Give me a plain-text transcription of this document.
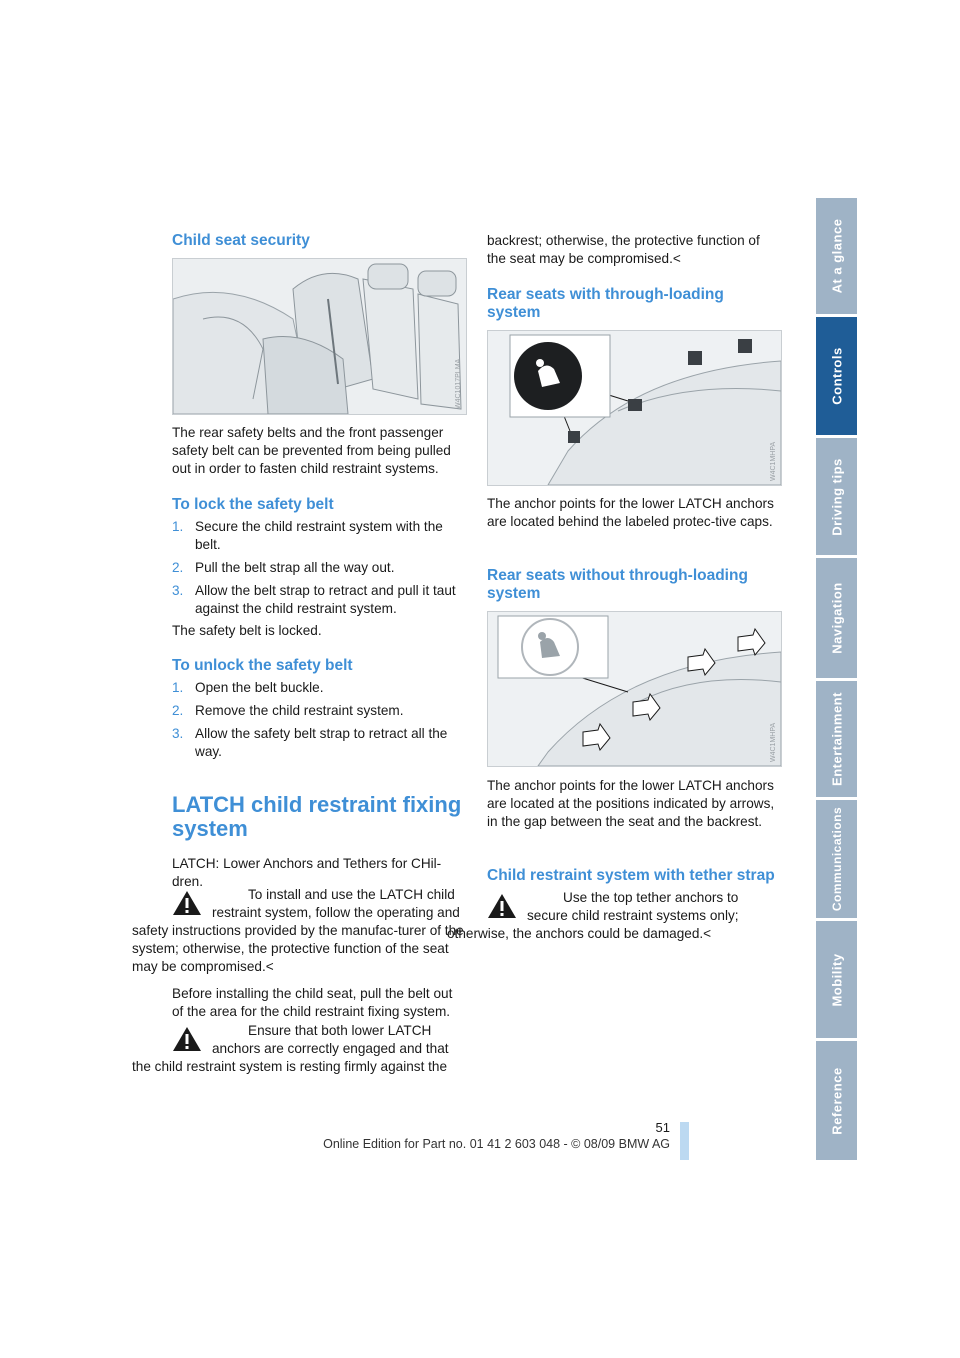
Child seat security
W4C1017PLMA

The rear safety belts and the front passenger safety belt can be prevented from being pulled out in order to fasten child restraint systems.

To lock the safety belt
1. Secure the child restraint system with the belt.
2. Pull the belt strap all the way out.
3. Allow the belt strap to retract and pull it taut against the child restraint system.

The safety belt is locked.

To unlock the safety belt
1. Open the belt buckle.
2. Remove the child restraint system.
3. Allow the safety belt strap to retract all the way.
LATCH child restraint fixing
system

LATCH: Lower Anchors and Tethers for CHil-dren.

To install and use the LATCH child restraint system, follow the operating and safety instructions provided by the manufac-turer of the system; otherwise, the protective function of the seat may be compromised.<

Before installing the child seat, pull the belt out of the area for the child restraint fixing system.

Ensure that both lower LATCH anchors are correctly engaged and that the child restraint system is resting firmly against the

backrest; otherwise, the protective function of the seat may be compromised.<

Rear seats with through-loading
system
W4C1MHPA

The anchor points for the lower LATCH anchors are located behind the labeled protec-tive caps.

Rear seats without through-loading
system
W4C1MHPA

The anchor points for the lower LATCH anchors are located at the positions indicated by arrows, in the gap between the seat and the backrest.

Child restraint system with tether strap

Use the top tether anchors to secure child restraint systems only; otherwise, the anchors could be damaged.<

At a glance
Controls
Driving tips
Navigation
Entertainment
Communications
Mobility
Reference
51
Online Edition for Part no. 01 41 2 603 048 - © 08/09 BMW AG
